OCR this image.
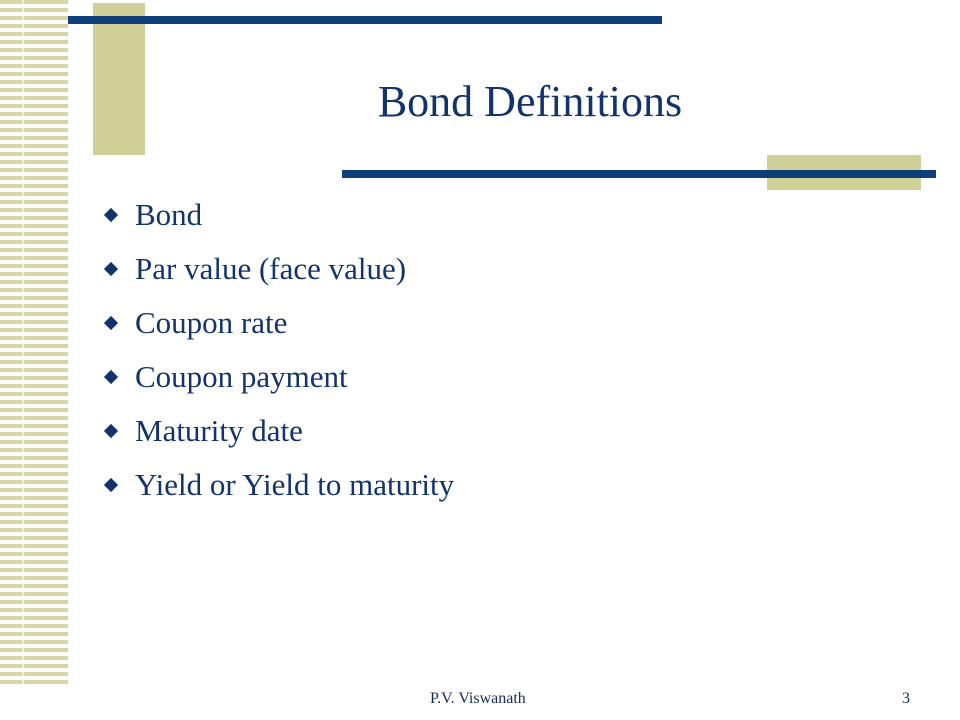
Bond Definitions
Bond
Par value (face value)
Coupon rate
Coupon payment
Maturity date
Yield or Yield to maturity
P.V. Viswanath	3
